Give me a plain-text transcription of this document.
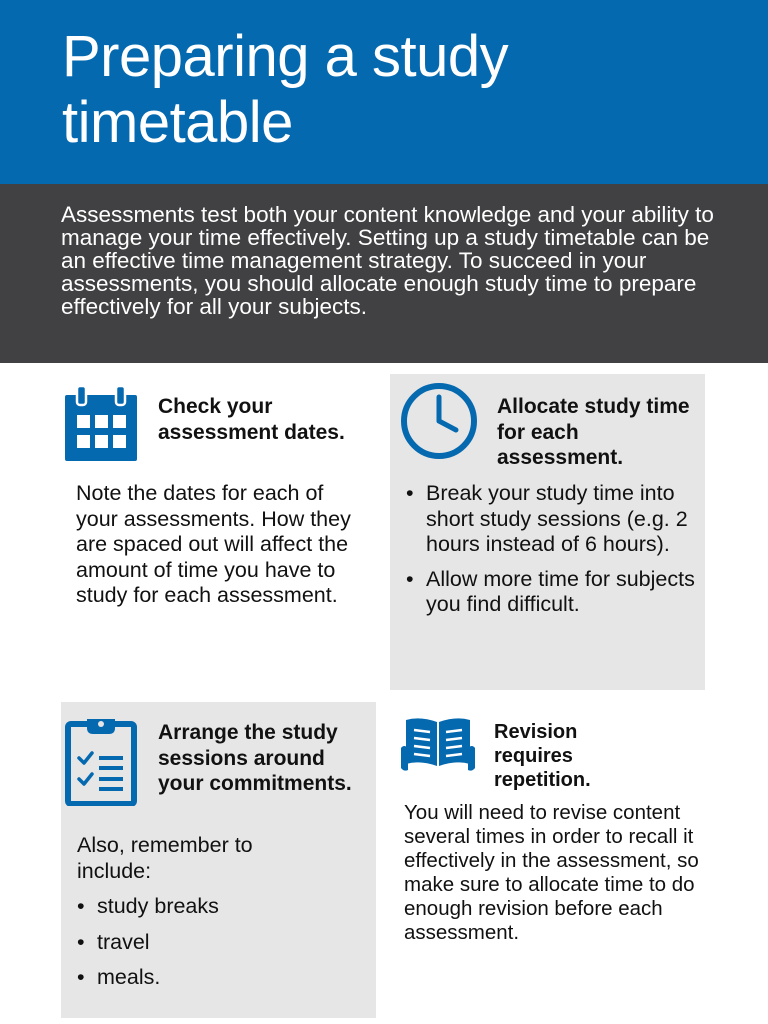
Preparing a study timetable

Assessments test both your content knowledge and your ability to manage your time effectively. Setting up a study timetable can be an effective time management strategy. To succeed in your assessments, you should allocate enough study time to prepare effectively for all your subjects.

Check your assessment dates.
Note the dates for each of your assessments. How they are spaced out will affect the amount of time you have to study for each assessment.
Allocate study time for each assessment.
• Break your study time into short study sessions (e.g. 2 hours instead of 6 hours).
• Allow more time for subjects you find difficult.
Arrange the study sessions around your commitments.
Also, remember to include:
• study breaks
• travel
• meals.
Revision requires repetition.
You will need to revise content several times in order to recall it effectively in the assessment, so make sure to allocate time to do enough revision before each assessment.
